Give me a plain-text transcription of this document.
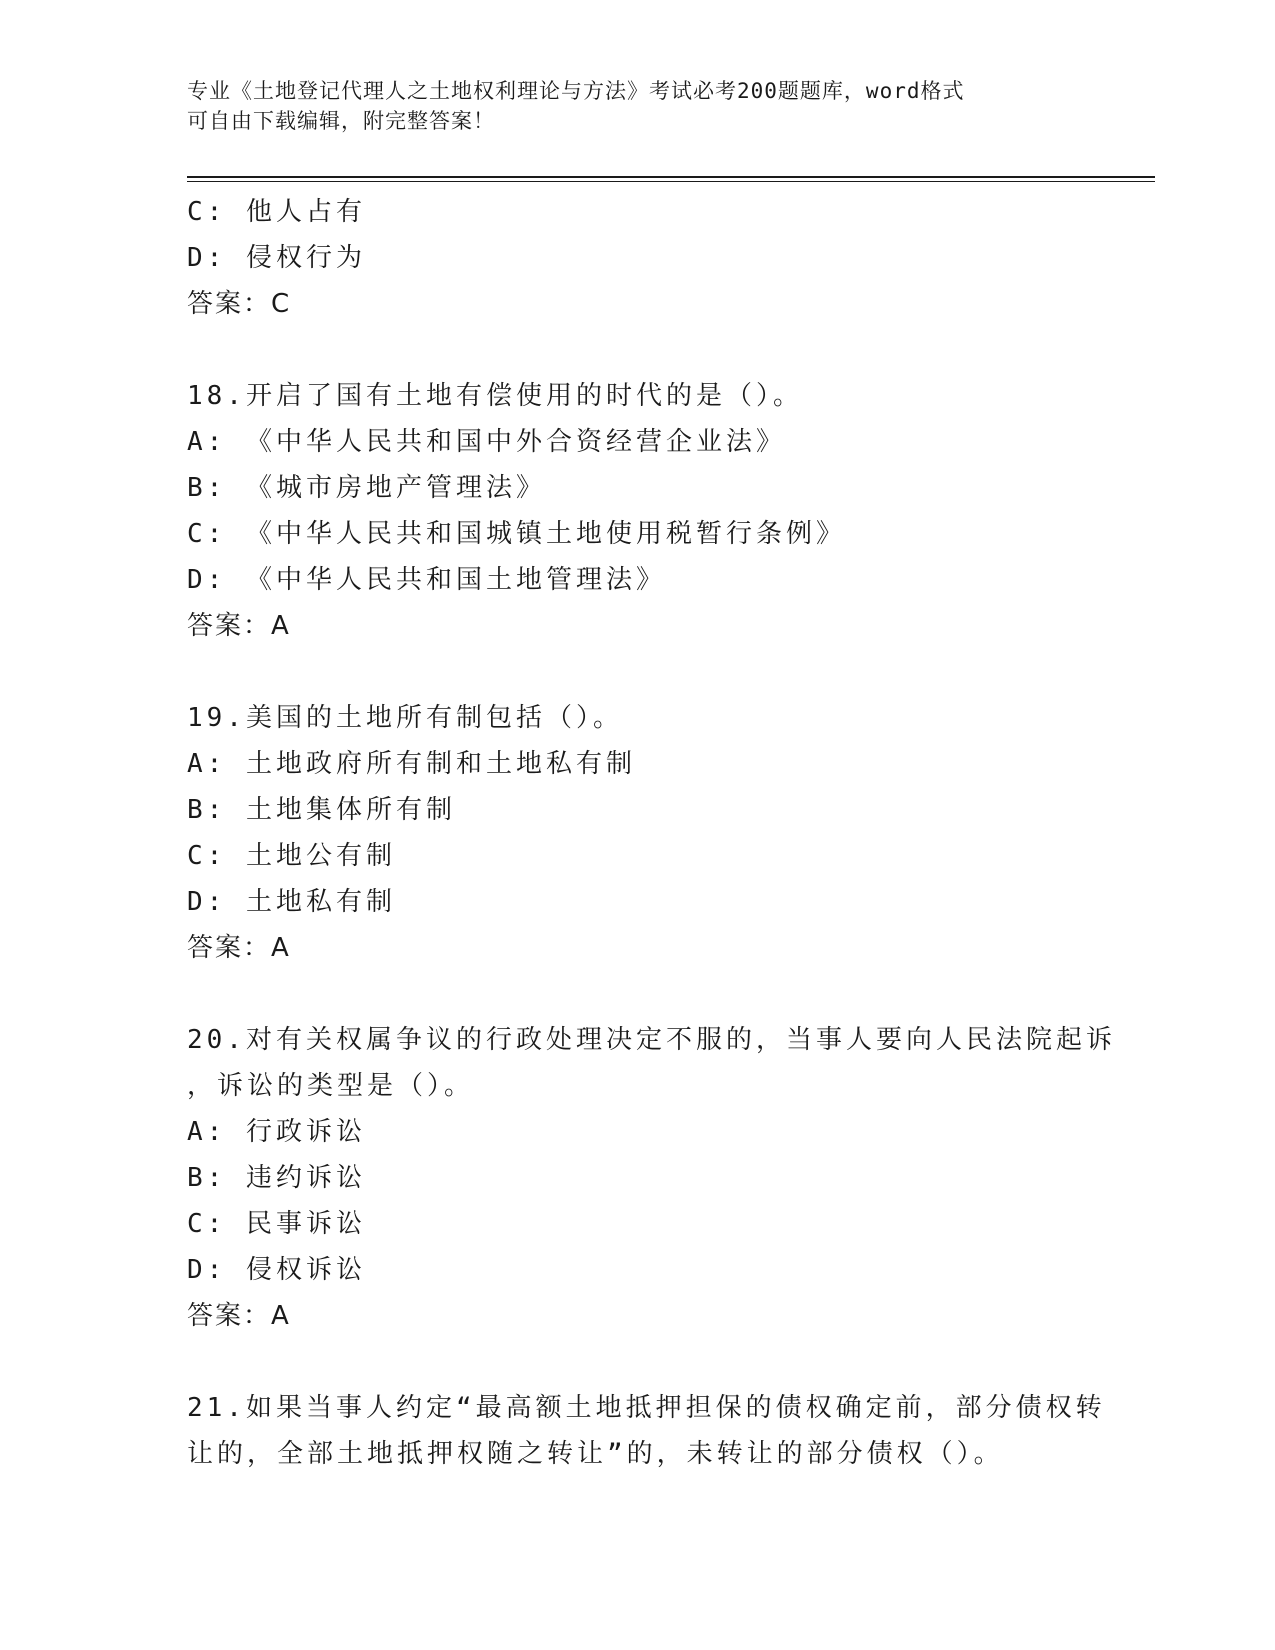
专业《土地登记代理人之土地权利理论与方法》考试必考200题题库，word格式
可自由下载编辑，附完整答案！
C: 他人占有
D: 侵权行为
答案：C
18.开启了国有土地有偿使用的时代的是（）。
A: 《中华人民共和国中外合资经营企业法》
B: 《城市房地产管理法》
C: 《中华人民共和国城镇土地使用税暂行条例》
D: 《中华人民共和国土地管理法》
答案：A
19.美国的土地所有制包括（）。
A: 土地政府所有制和土地私有制
B: 土地集体所有制
C: 土地公有制
D: 土地私有制
答案：A
20.对有关权属争议的行政处理决定不服的，当事人要向人民法院起诉
，诉讼的类型是（）。
A: 行政诉讼
B: 违约诉讼
C: 民事诉讼
D: 侵权诉讼
答案：A
21.如果当事人约定“最高额土地抵押担保的债权确定前，部分债权转
让的，全部土地抵押权随之转让”的，未转让的部分债权（）。
